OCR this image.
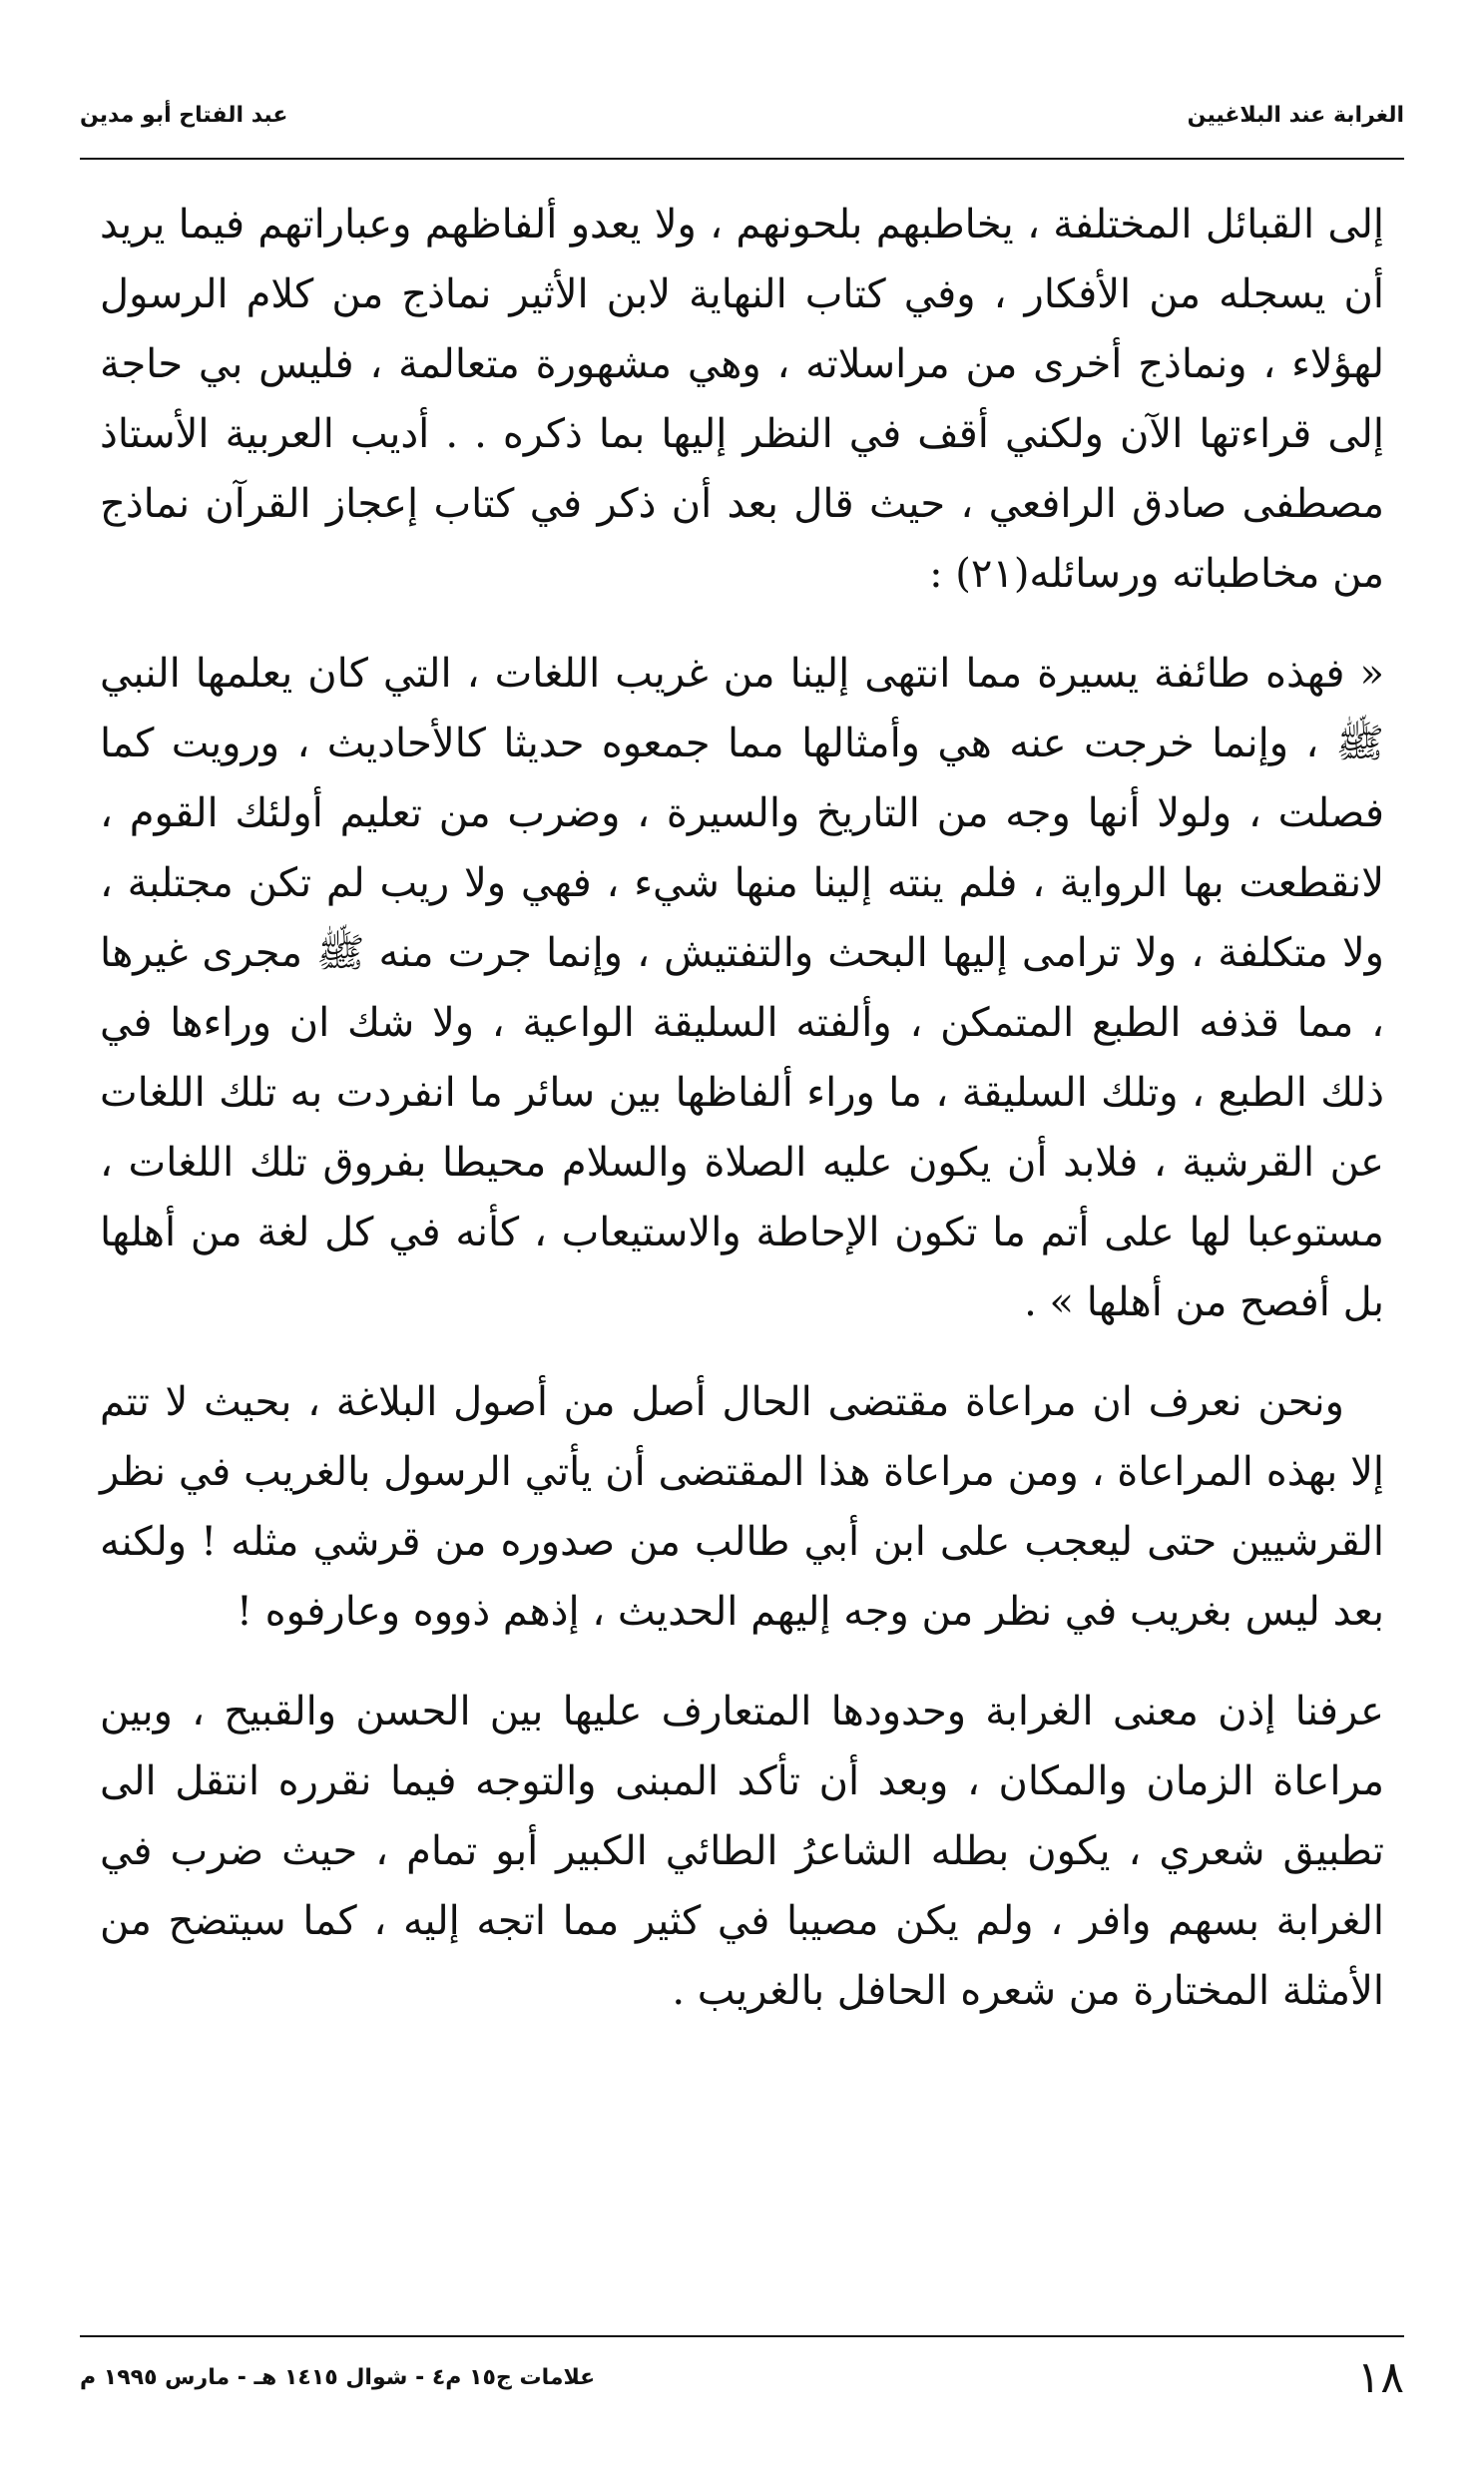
الغرابة عند البلاغيين
عبد الفتاح أبو مدين

إلى القبائل المختلفة ، يخاطبهم بلحونهم ، ولا يعدو ألفاظهم وعباراتهم فيما يريد أن يسجله من الأفكار ، وفي كتاب النهاية لابن الأثير نماذج من كلام الرسول لهؤلاء ، ونماذج أخرى من مراسلاته ، وهي مشهورة متعالمة ، فليس بي حاجة إلى قراءتها الآن ولكني أقف في النظر إليها بما ذكره . . أديب العربية الأستاذ مصطفى صادق الرافعي ، حيث قال بعد أن ذكر في كتاب إعجاز القرآن نماذج من مخاطباته ورسائله(٢١) :

« فهذه طائفة يسيرة مما انتهى إلينا من غريب اللغات ، التي كان يعلمها النبي ﷺ ، وإنما خرجت عنه هي وأمثالها مما جمعوه حديثا كالأحاديث ، ورويت كما فصلت ، ولولا أنها وجه من التاريخ والسيرة ، وضرب من تعليم أولئك القوم ، لانقطعت بها الرواية ، فلم ينته إلينا منها شيء ، فهي ولا ريب لم تكن مجتلبة ، ولا متكلفة ، ولا ترامى إليها البحث والتفتيش ، وإنما جرت منه ﷺ مجرى غيرها ، مما قذفه الطبع المتمكن ، وألفته السليقة الواعية ، ولا شك ان وراءها في ذلك الطبع ، وتلك السليقة ، ما وراء ألفاظها بين سائر ما انفردت به تلك اللغات عن القرشية ، فلابد أن يكون عليه الصلاة والسلام محيطا بفروق تلك اللغات ، مستوعبا لها على أتم ما تكون الإحاطة والاستيعاب ، كأنه في كل لغة من أهلها بل أفصح من أهلها » .

ونحن نعرف ان مراعاة مقتضى الحال أصل من أصول البلاغة ، بحيث لا تتم إلا بهذه المراعاة ، ومن مراعاة هذا المقتضى أن يأتي الرسول بالغريب في نظر القرشيين حتى ليعجب على ابن أبي طالب من صدوره من قرشي مثله ! ولكنه بعد ليس بغريب في نظر من وجه إليهم الحديث ، إذهم ذووه وعارفوه !

عرفنا إذن معنى الغرابة وحدودها المتعارف عليها بين الحسن والقبيح ، وبين مراعاة الزمان والمكان ، وبعد أن تأكد المبنى والتوجه فيما نقرره انتقل الى تطبيق شعري ، يكون بطله الشاعرُ الطائي الكبير أبو تمام ، حيث ضرب في الغرابة بسهم وافر ، ولم يكن مصيبا في كثير مما اتجه إليه ، كما سيتضح من الأمثلة المختارة من شعره الحافل بالغريب .

١٨
علامات ج١٥ م٤ - شوال ١٤١٥ هـ - مارس ١٩٩٥ م
